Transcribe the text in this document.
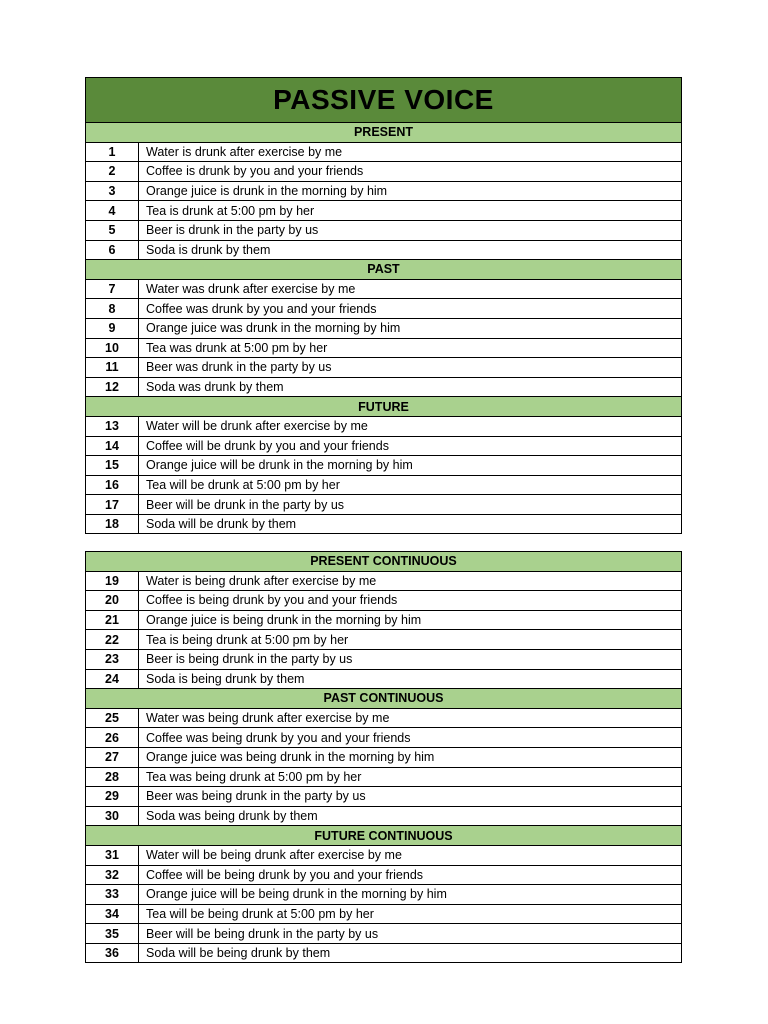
PASSIVE VOICE	
PRESENT	
1	Water is drunk after exercise by me
2	Coffee is drunk by you and your friends
3	Orange juice is drunk in the morning by him
4	Tea is drunk at 5:00 pm by her
5	Beer is drunk in the party by us
6	Soda is drunk by them
PAST	
7	Water was drunk after exercise by me
8	Coffee was drunk by you and your friends
9	Orange juice was drunk in the morning by him
10	Tea was drunk at 5:00 pm by her
11	Beer was drunk in the party by us
12	Soda was drunk by them
FUTURE	
13	Water will be drunk after exercise by me
14	Coffee will be drunk by you and your friends
15	Orange juice will be drunk in the morning by him
16	Tea will be drunk at 5:00 pm by her
17	Beer will be drunk in the party by us
18	Soda will be drunk by them
PRESENT CONTINUOUS	
19	Water is being drunk after exercise by me
20	Coffee is being drunk by you and your friends
21	Orange juice is being drunk in the morning by him
22	Tea is being drunk at 5:00 pm by her
23	Beer is being drunk in the party by us
24	Soda is being drunk by them
PAST CONTINUOUS	
25	Water was being drunk after exercise by me
26	Coffee was being drunk by you and your friends
27	Orange juice was being drunk in the morning by him
28	Tea was being drunk at 5:00 pm by her
29	Beer was being drunk in the party by us
30	Soda was being drunk by them
FUTURE CONTINUOUS	
31	Water will be being drunk after exercise by me
32	Coffee will be being drunk by you and your friends
33	Orange juice will be being drunk in the morning by him
34	Tea will be being drunk at 5:00 pm by her
35	Beer will be being drunk in the party by us
36	Soda will be being drunk by them
